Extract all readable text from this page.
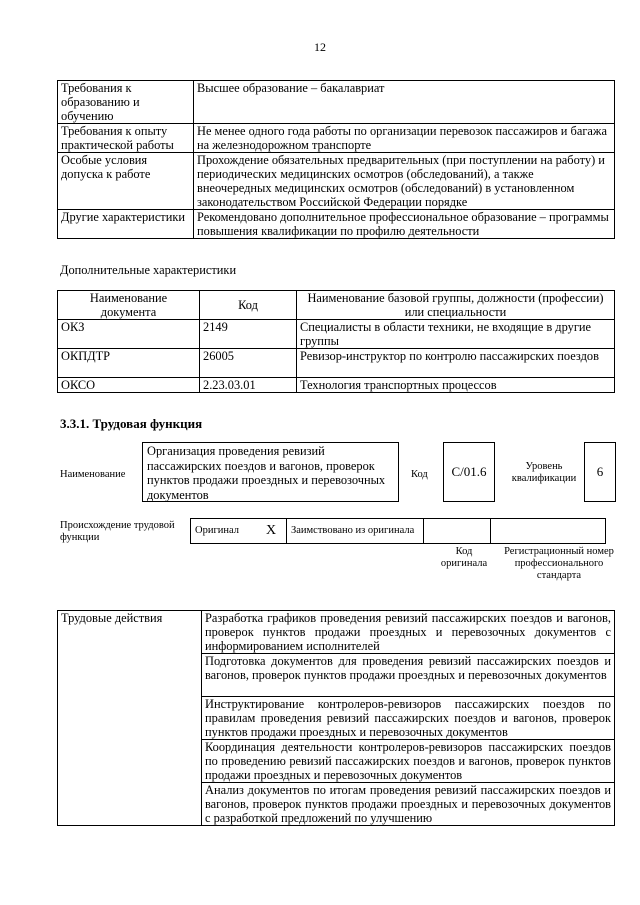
12
Требования к образованию и обучению	Высшее образование – бакалавриат
Требования к опыту практической работы	Не менее одного года работы по организации перевозок пассажиров и багажа на железнодорожном транспорте
Особые условия допуска к работе	Прохождение обязательных предварительных (при поступлении на работу) и периодических медицинских осмотров (обследований), а также внеочередных медицинских осмотров (обследований) в установленном законодательством Российской Федерации порядке
Другие характеристики	Рекомендовано дополнительное профессиональное образование – программы повышения квалификации по профилю деятельности
Дополнительные характеристики
Наименование документа	Код	Наименование базовой группы, должности (профессии) или специальности
ОКЗ	2149	Специалисты в области техники, не входящие в другие группы
ОКПДТР	26005	Ревизор-инструктор по контролю пассажирских поездов
ОКСО	2.23.03.01	Технология транспортных процессов
3.3.1. Трудовая функция
Наименование
Организация проведения ревизий пассажирских поездов и вагонов, проверок пунктов продажи проездных и перевозочных документов
Код	C/01.6	Уровень квалификации	6
Происхождение трудовой функции
Оригинал	X	Заимствовано из оригинала		
Код оригинала
Регистрационный номер профессионального стандарта
Трудовые действия	Разработка графиков проведения ревизий пассажирских поездов и вагонов, проверок пунктов продажи проездных и перевозочных документов с информированием исполнителей
Подготовка документов для проведения ревизий пассажирских поездов и вагонов, проверок пунктов продажи проездных и перевозочных документов
Инструктирование контролеров-ревизоров пассажирских поездов по правилам проведения ревизий пассажирских поездов и вагонов, проверок пунктов продажи проездных и перевозочных документов
Координация деятельности контролеров-ревизоров пассажирских поездов по проведению ревизий пассажирских поездов и вагонов, проверок пунктов продажи проездных и перевозочных документов
Анализ документов по итогам проведения ревизий пассажирских поездов и вагонов, проверок пунктов продажи проездных и перевозочных документов с разработкой предложений по улучшению
